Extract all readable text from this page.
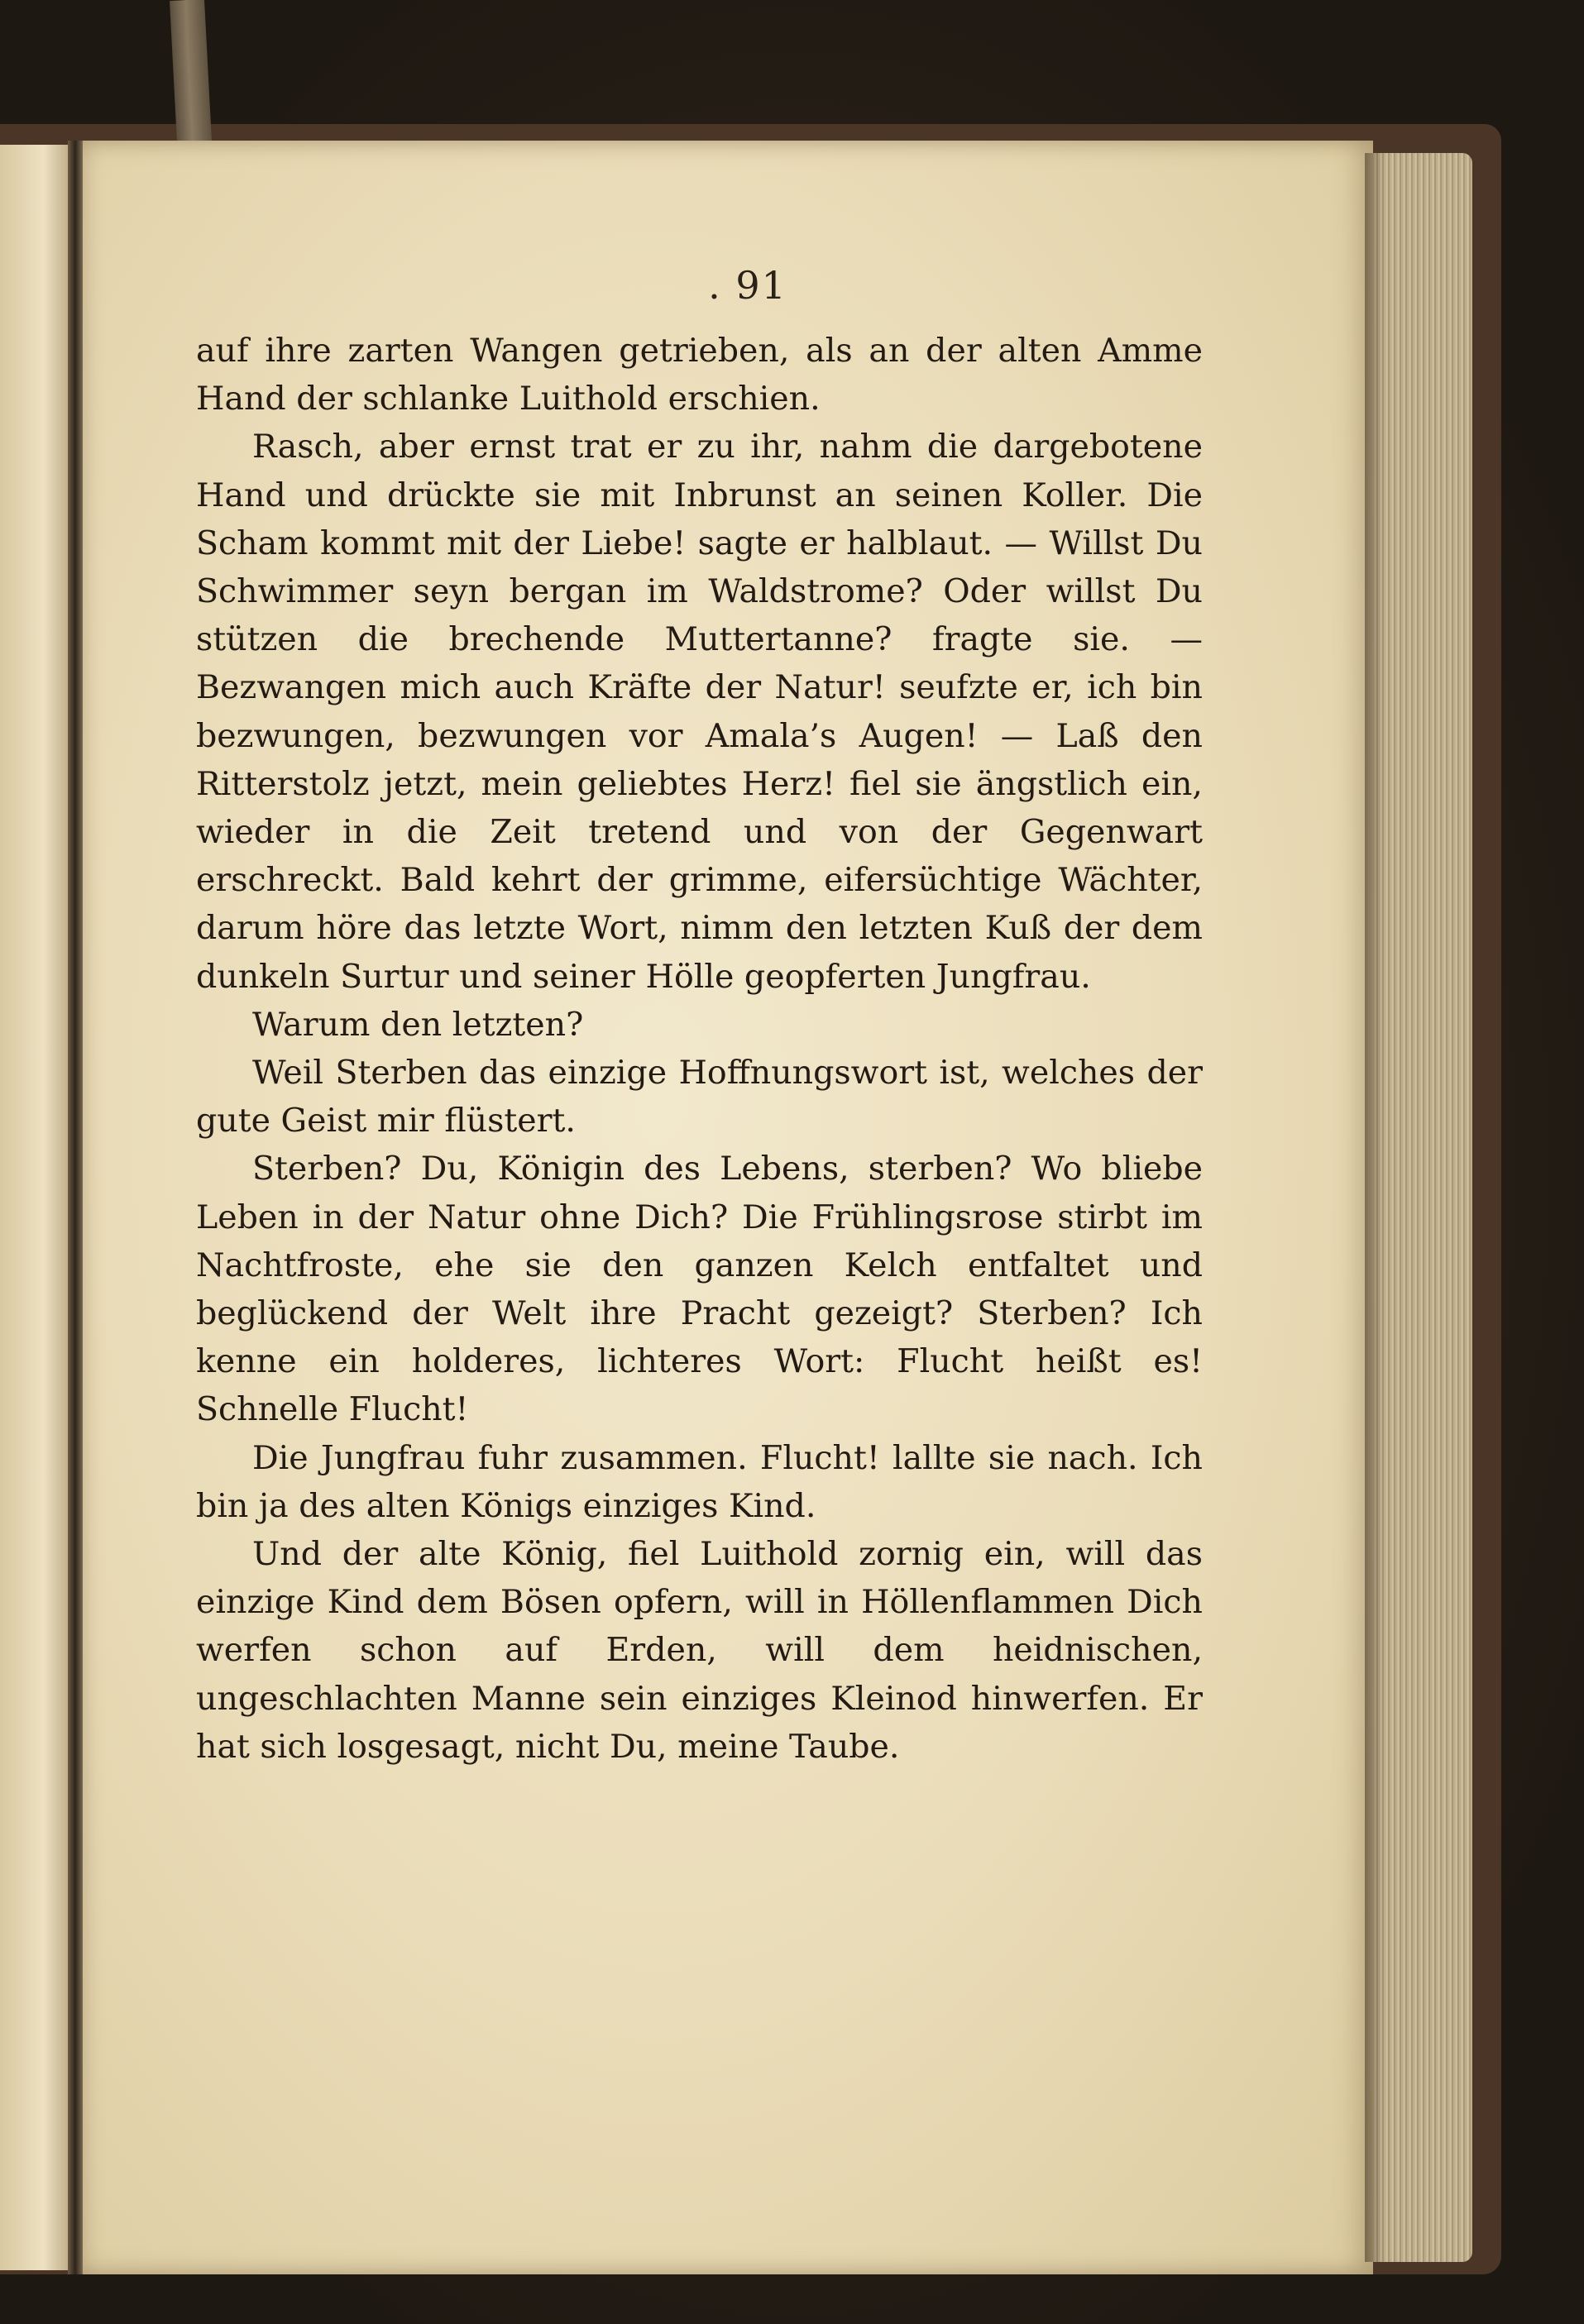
. 91

auf ihre zarten Wangen getrieben, als an der alten Amme Hand der schlanke Luithold erschien.

Rasch, aber ernst trat er zu ihr, nahm die dargebotene Hand und drückte sie mit Inbrunst an seinen Koller. Die Scham kommt mit der Liebe! sagte er halblaut. — Willst Du Schwimmer seyn bergan im Waldstrome? Oder willst Du stützen die brechende Muttertanne? fragte sie. — Bezwangen mich auch Kräfte der Natur! seufzte er, ich bin bezwungen, bezwungen vor Amala’s Augen! — Laß den Ritterstolz jetzt, mein geliebtes Herz! fiel sie ängstlich ein, wieder in die Zeit tretend und von der Gegenwart erschreckt. Bald kehrt der grimme, eifersüchtige Wächter, darum höre das letzte Wort, nimm den letzten Kuß der dem dunkeln Surtur und seiner Hölle geopferten Jungfrau.

Warum den letzten?

Weil Sterben das einzige Hoffnungswort ist, welches der gute Geist mir flüstert.

Sterben? Du, Königin des Lebens, sterben? Wo bliebe Leben in der Natur ohne Dich? Die Frühlingsrose stirbt im Nachtfroste, ehe sie den ganzen Kelch entfaltet und beglückend der Welt ihre Pracht gezeigt? Sterben? Ich kenne ein holderes, lichteres Wort: Flucht heißt es! Schnelle Flucht!

Die Jungfrau fuhr zusammen. Flucht! lallte sie nach. Ich bin ja des alten Königs einziges Kind.

Und der alte König, fiel Luithold zornig ein, will das einzige Kind dem Bösen opfern, will in Höllenflammen Dich werfen schon auf Erden, will dem heidnischen, ungeschlachten Manne sein einziges Kleinod hinwerfen. Er hat sich losgesagt, nicht Du, meine Taube.
